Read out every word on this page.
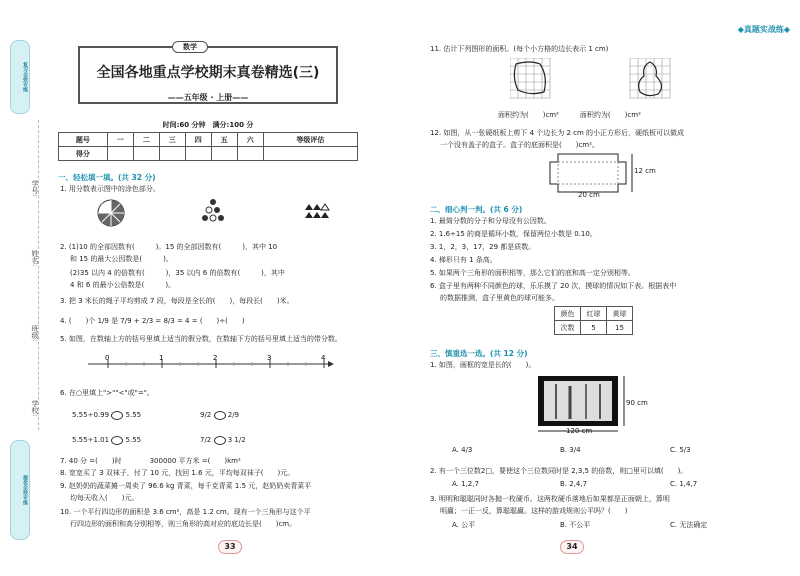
复习全效专练
提优全效专练
学号:
姓名:
班级:
学校:
数学
全国各地重点学校期末真卷精选(三)
——五年级 · 上册——
时间:60 分钟　满分:100 分
◆真题实战练◆
题号	一	二	三	四	五	六	等级评估
得分							
一、轻松填一填。(共 32 分)
1. 用分数表示图中的涂色部分。
2. (1)10 的全部因数有(　　　)。15 的全部因数有(　　　)，其中 10
和 15 的最大公因数是(　　　)。
(2)35 以内 4 的倍数有(　　　)，35 以内 6 的倍数有(　　　)，其中
4 和 6 的最小公倍数是(　　　)。
3. 把 3 米长的绳子平均剪成 7 段，每段是全长的(　　)，每段长(　　)米。
4. (　　)个 1/9 是 7/9 + 2/3 = 8/3 = 4 = (　　)÷(　　)
5. 如图，在数轴上方的括号里填上适当的假分数，在数轴下方的括号里填上适当的带分数。
0	1	2	3	4
6. 在○里填上">""<"或"="。
5.55÷0.99 5.55	9/2 2/9
5.55÷1.01 5.55	7/2 3 1/2
7. 40 分 =(　　)时　　　　300000 平方米 =(　　)km²
8. 宽宽买了 3 双袜子，付了 10 元，找回 1.6 元，平均每双袜子(　　)元。
9. 赵奶奶的蔬菜摊一周卖了 96.6 kg 青菜，每千克青菜 1.5 元，赵奶奶卖青菜平
均每天收入(　　)元。
10. 一个平行四边形的面积是 3.6 cm²，高是 1.2 cm。现有一个三角形与这个平
行四边形的面积和高分别相等，则三角形的高对应的底边长是(　　)cm。
33
11. 估计下列图形的面积。(每个小方格的边长表示 1 cm)
面积约为(　　)cm²　　　面积约为(　　)cm²
12. 如图，从一张硬纸板上剪下 4 个边长为 2 cm 的小正方形后，硬纸板可以做成
一个没有盖子的盒子。盒子的底面积是(　　)cm²。
12 cm
20 cm
二、细心判一判。(共 6 分)
1. 最简分数的分子和分母没有公因数。
2. 1.6÷15 的商是循环小数，保留两位小数是 0.10。
3. 1，2，3，17，29 都是质数。
4. 梯形只有 1 条高。
5. 如果两个三角形的面积相等，那么它们的底和高一定分别相等。
6. 盒子里有两种不同颜色的球，乐乐摸了 20 次，摸球的情况如下表。根据表中
的数据推测，盒子里黄色的球可能多。
颜色	红球	黄球
次数	5	15
三、慎重选一选。(共 12 分)
1. 如图，画框的宽是长的(　　)。
90 cm
120 cm
A. 4/3	B. 3/4	C. 5/3
2. 有一个三位数2□，要使这个三位数同时是 2,3,5 的倍数，则□里可以填(　　)。
A. 1,2,7	B. 2,4,7	C. 1,4,7
3. 明明和聪聪同时各抛一枚硬币。这两枚硬币落地后如果都是正面朝上，算明
明赢；一正一反，算聪聪赢。这样的游戏规则公平吗？(　　)
A. 公平	B. 不公平	C. 无法确定
34
